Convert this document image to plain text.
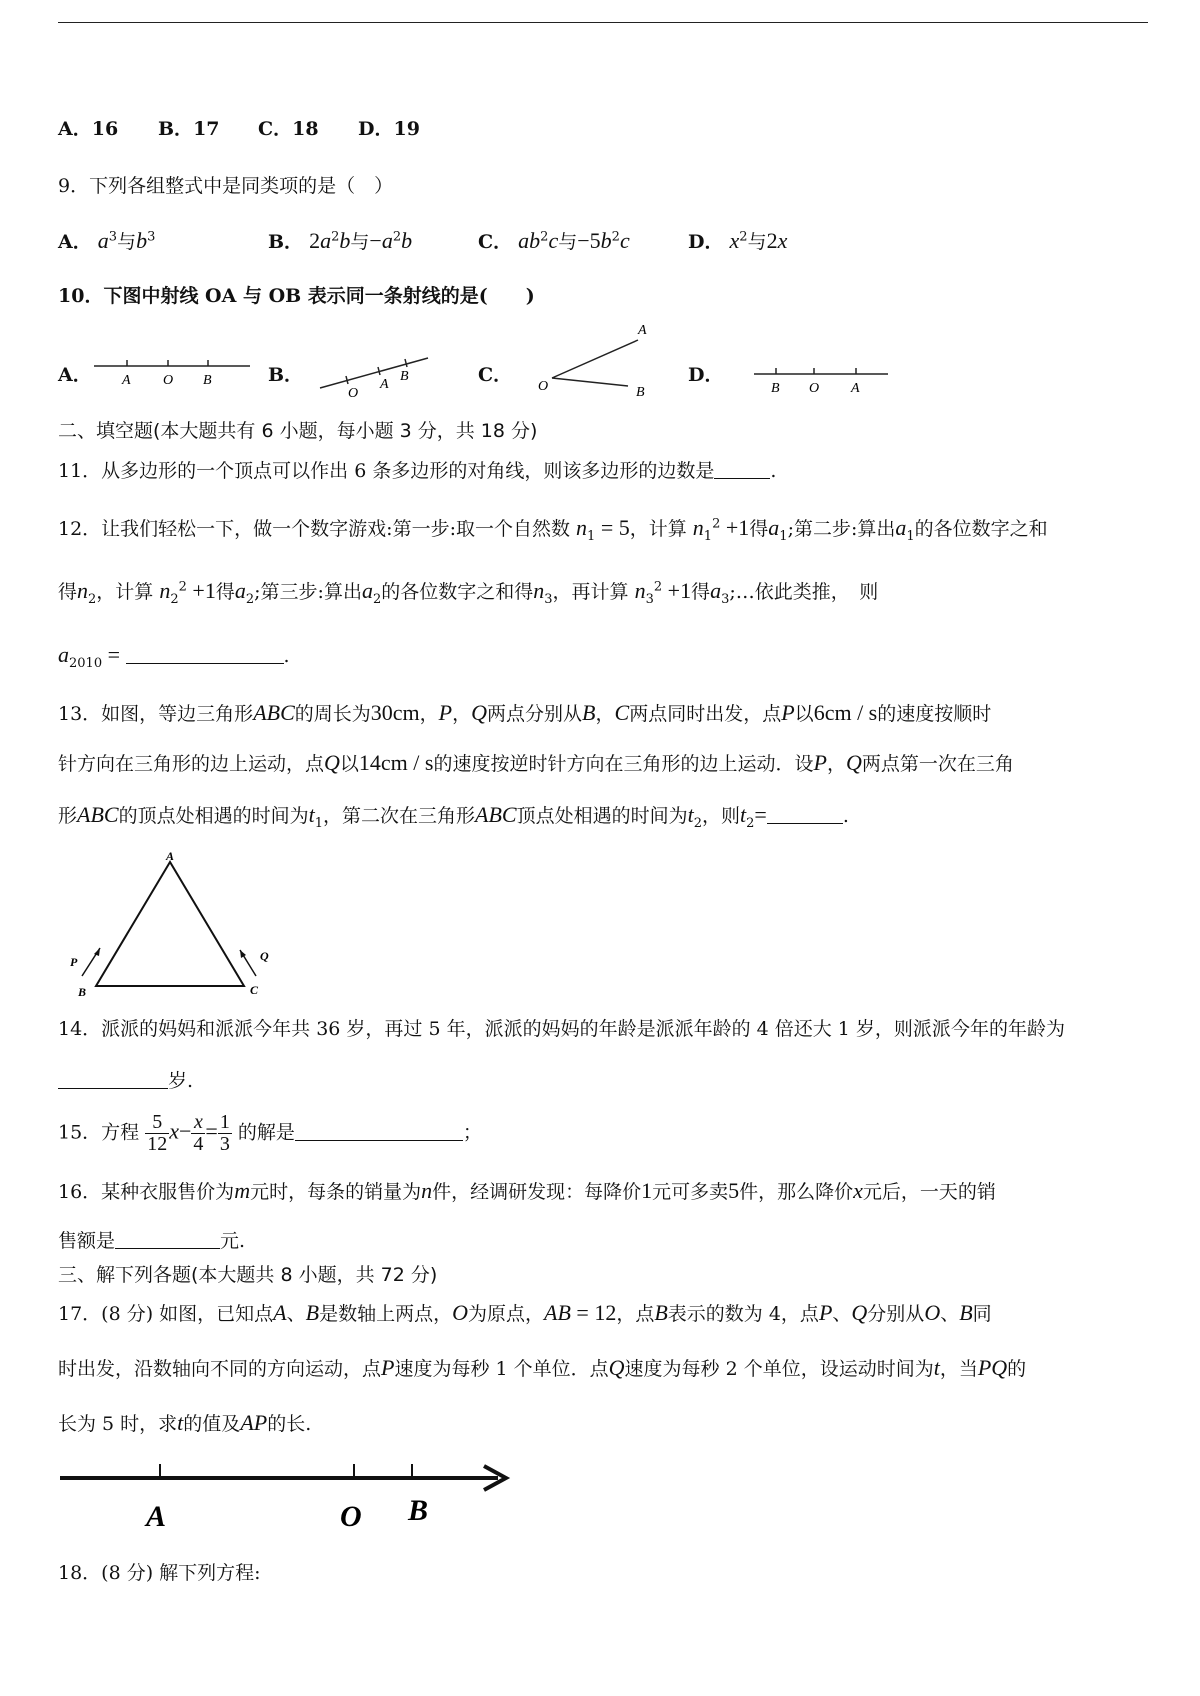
A．16 B．17 C．18 D．19
9．下列各组整式中是同类项的是（　）
A． $a^3$与$b^3$	B． $2a^2b$与$-a^2b$	C． $ab^2c$与$-5b^2c$	D． $x^2$与2x
10．下图中射线 OA 与 OB 表示同一条射线的是(　　)
A． A O B	B．
O
A
B	C．
A
O	B
D．
B O A
二、填空题(本大题共有 6 小题，每小题 3 分，共 18 分)
11．从多边形的一个顶点可以作出 6 条多边形的对角线，则该多边形的边数是	.
12．让我们轻松一下，做一个数字游戏:第一步:取一个自然数 $n_1 = 5$，计算 $n_1^2 +1$得$a_1$;第二步:算出$a_1$的各位数字之和
得$n_2$，计算 $n_2^2 +1$得$a_2$;第三步:算出$a_2$的各位数字之和得$n_3$，再计算 $n_3^2 +1$得$a_3;\dots$依此类推，　则
$a_{2010}$ =	.
13．如图，等边三角形ABC的周长为30cm，P，Q两点分别从B，C两点同时出发，点P以6cm / s的速度按顺时
针方向在三角形的边上运动，点Q以14cm / s的速度按逆时针方向在三角形的边上运动．设P，Q两点第一次在三角
形ABC的顶点处相遇的时间为$t_1$，第二次在三角形ABC顶点处相遇的时间为$t_2$，则$t_2=$	.
A
B	C
P	Q
14．派派的妈妈和派派今年共 36 岁，再过 5 年，派派的妈妈的年龄是派派年龄的 4 倍还大 1 岁，则派派今年的年龄为
岁.
15．方程 $\frac{5}{12} x- \frac{x}{4} = \frac{1}{3}$ 的解是	；
16．某种衣服售价为m元时，每条的销量为n件，经调研发现：每降价1元可多卖5件，那么降价x元后，一天的销
售额是	元.
三、解下列各题(本大题共 8 小题，共 72 分)
17．(8 分) 如图，已知点A、B是数轴上两点，O为原点，AB = 12，点B表示的数为 4，点P、Q分别从O、B同
时出发，沿数轴向不同的方向运动，点P速度为每秒 1 个单位．点Q速度为每秒 2 个单位，设运动时间为t，当PQ的
长为 5 时，求t的值及AP的长.
A	O B
18．(8 分) 解下列方程:
